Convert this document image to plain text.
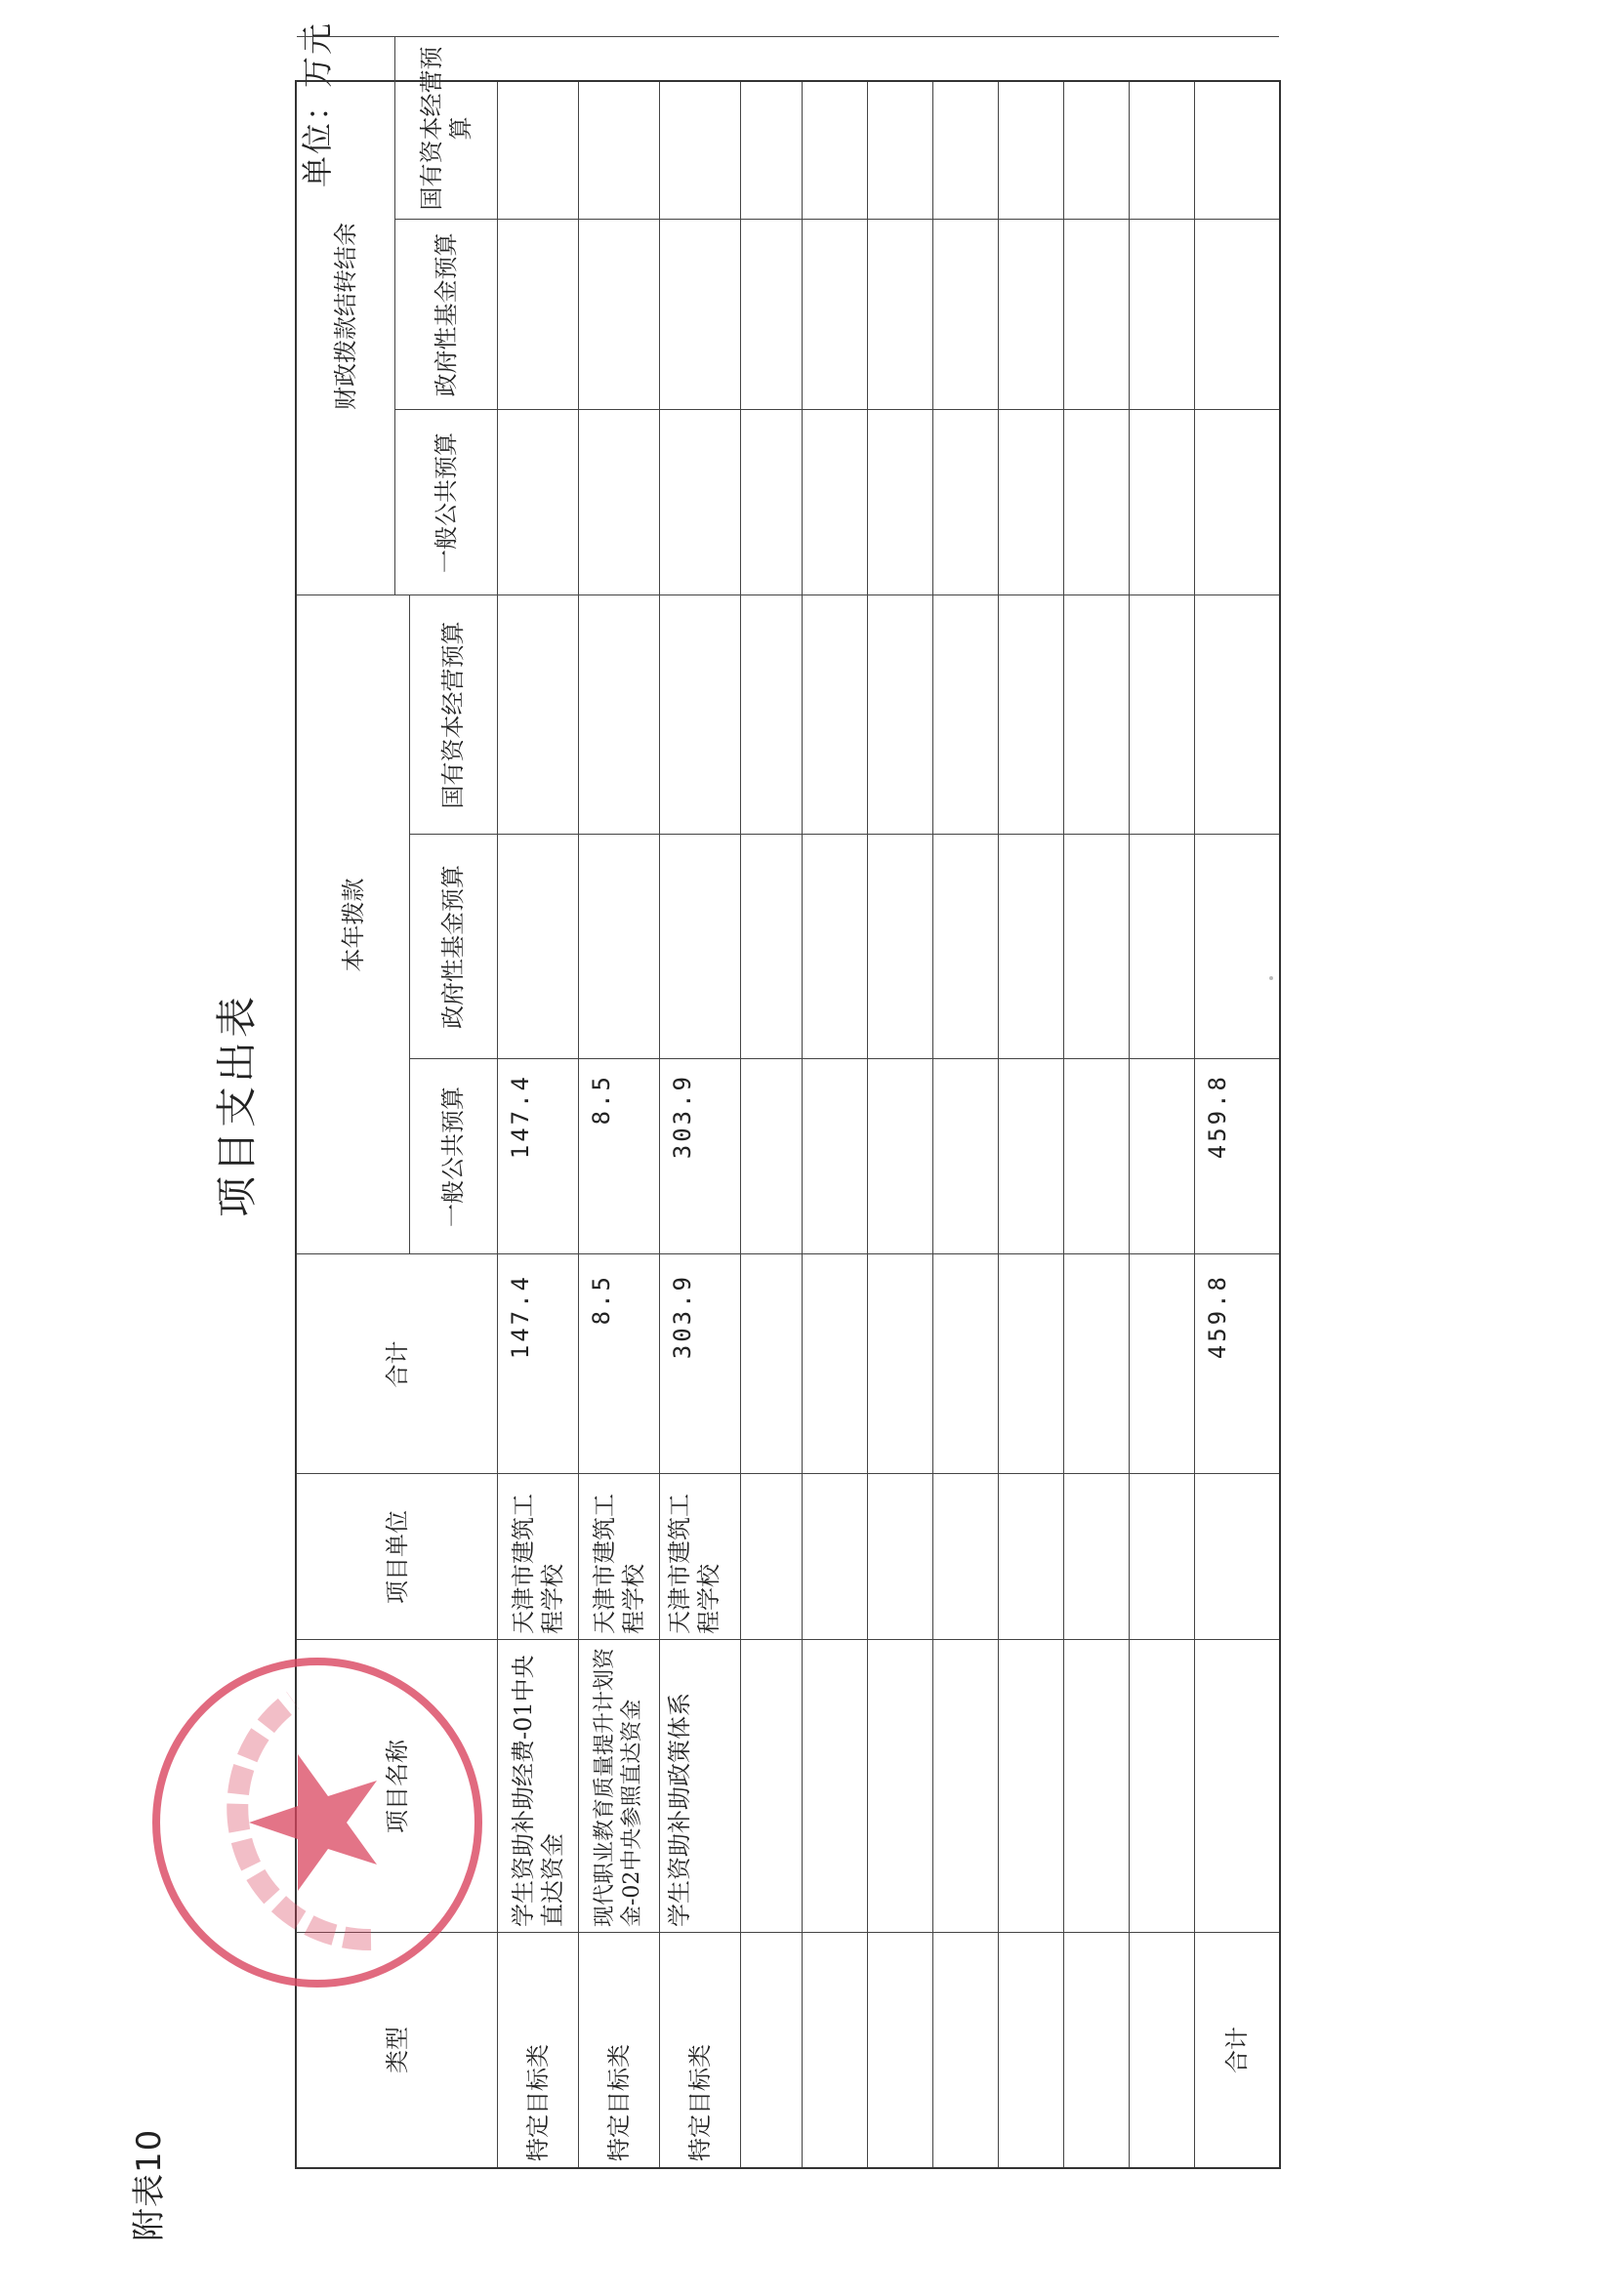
附表10
项目支出表
单位：万元
类型
项目名称
项目单位
合计
本年拨款
一般公共预算
政府性基金预算
国有资本经营预算
财政拨款结转结余
一般公共预算
政府性基金预算
国有资本经营预算
特定目标类
学生资助补助经费-01中央直达资金
天津市建筑工程学校
147.4
147.4
特定目标类
现代职业教育质量提升计划资金-02中央参照直达资金
天津市建筑工程学校
8.5
8.5
特定目标类
学生资助补助政策体系
天津市建筑工程学校
303.9
303.9
合计
459.8
459.8
